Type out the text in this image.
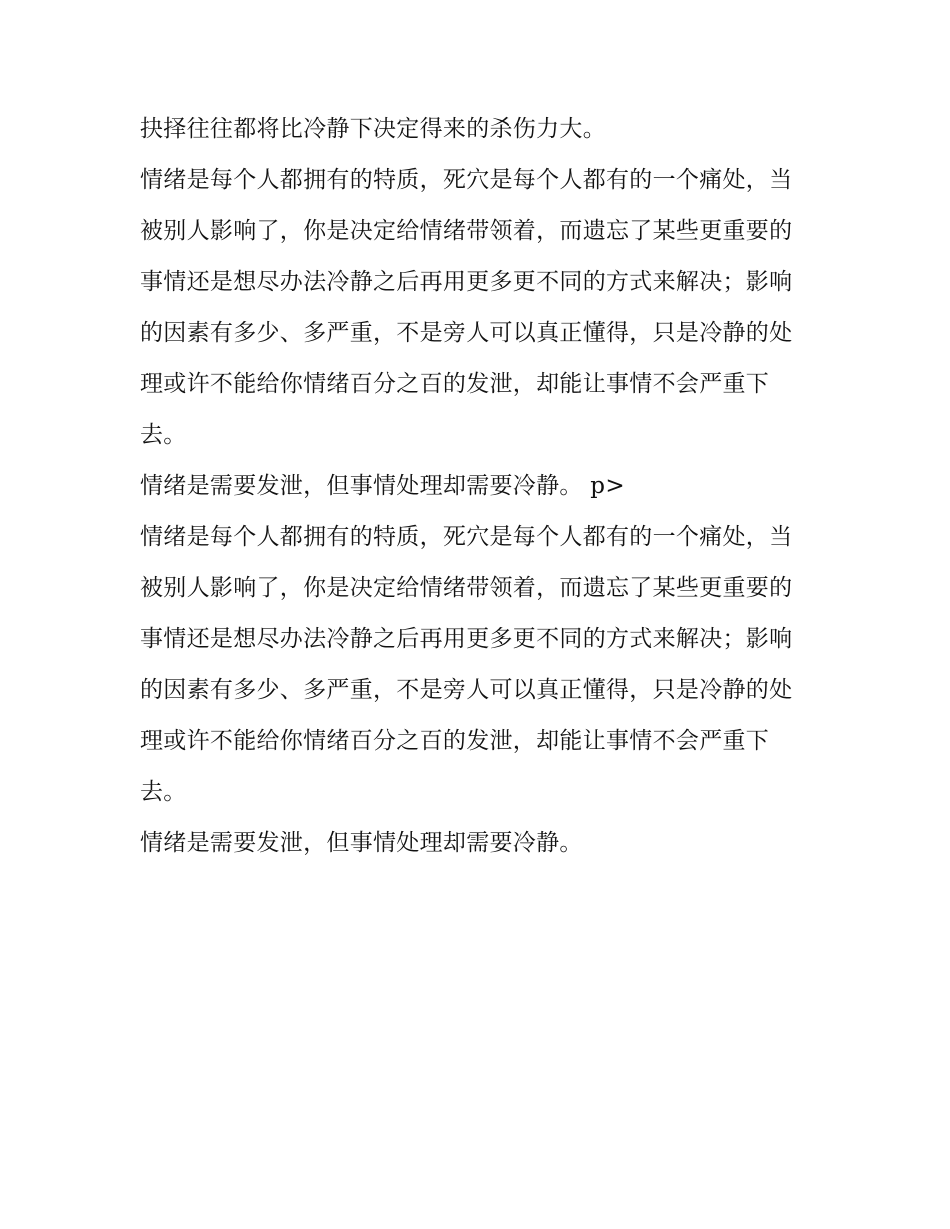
抉择往往都将比冷静下决定得来的杀伤力大。

情绪是每个人都拥有的特质，死穴是每个人都有的一个痛处，当被别人影响了，你是决定给情绪带领着，而遗忘了某些更重要的事情还是想尽办法冷静之后再用更多更不同的方式来解决；影响的因素有多少、多严重，不是旁人可以真正懂得，只是冷静的处理或许不能给你情绪百分之百的发泄，却能让事情不会严重下去。

情绪是需要发泄，但事情处理却需要冷静。 p>

情绪是每个人都拥有的特质，死穴是每个人都有的一个痛处，当被别人影响了，你是决定给情绪带领着，而遗忘了某些更重要的事情还是想尽办法冷静之后再用更多更不同的方式来解决；影响的因素有多少、多严重，不是旁人可以真正懂得，只是冷静的处理或许不能给你情绪百分之百的发泄，却能让事情不会严重下去。

情绪是需要发泄，但事情处理却需要冷静。
